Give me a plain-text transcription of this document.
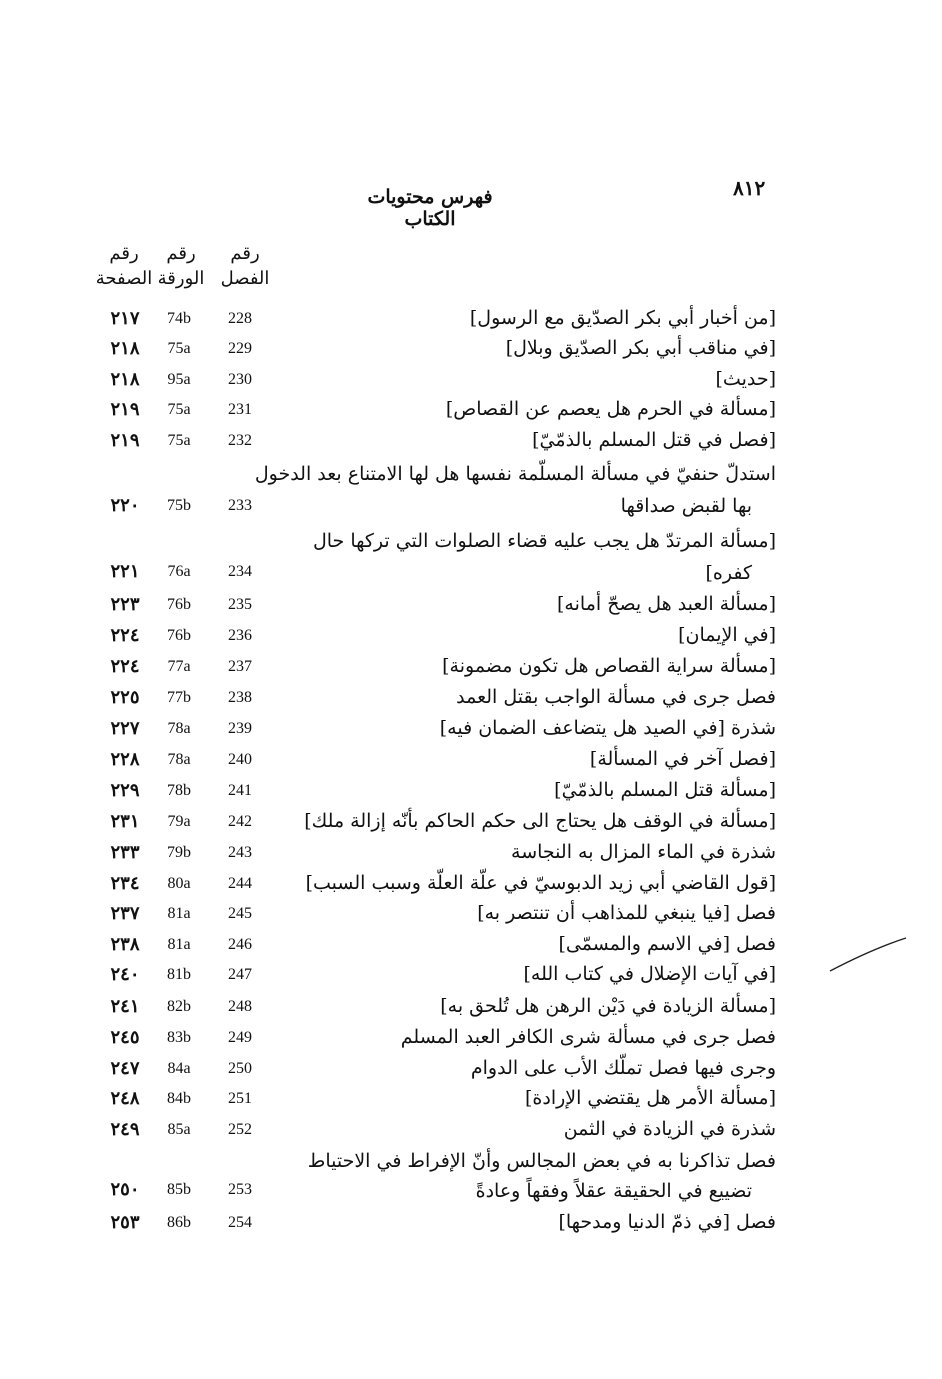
٨١٢
فهرس محتويات الكتاب
رقم
الصفحة
رقم
الورقة
رقم
الفصل
[من أخبار أبي بكر الصدّيق مع الرسول]
228
74b
٢١٧
[في مناقب أبي بكر الصدّيق وبلال]
229
75a
٢١٨
[حديث]
230
95a
٢١٨
[مسألة في الحرم هل يعصم عن القصاص]
231
75a
٢١٩
[فصل في قتل المسلم بالذمّيّ]
232
75a
٢١٩
استدلّ حنفيّ في مسألة المسلّمة نفسها هل لها الامتناع بعد الدخول
بها لقبض صداقها
233
75b
٢٢٠
[مسألة المرتدّ هل يجب عليه قضاء الصلوات التي تركها حال
كفره]
234
76a
٢٢١
[مسألة العبد هل يصحّ أمانه]
235
76b
٢٢٣
[في الإيمان]
236
76b
٢٢٤
[مسألة سراية القصاص هل تكون مضمونة]
237
77a
٢٢٤
فصل جرى في مسألة الواجب بقتل العمد
238
77b
٢٢٥
شذرة [في الصيد هل يتضاعف الضمان فيه]
239
78a
٢٢٧
[فصل آخر في المسألة]
240
78a
٢٢٨
[مسألة قتل المسلم بالذمّيّ]
241
78b
٢٢٩
[مسألة في الوقف هل يحتاج الى حكم الحاكم بأنّه إزالة ملك]
242
79a
٢٣١
شذرة في الماء المزال به النجاسة
243
79b
٢٣٣
[قول القاضي أبي زيد الدبوسيّ في علّة العلّة وسبب السبب]
244
80a
٢٣٤
فصل [فيا ينبغي للمذاهب أن تنتصر به]
245
81a
٢٣٧
فصل [في الاسم والمسمّى]
246
81a
٢٣٨
[في آيات الإضلال في كتاب الله]
247
81b
٢٤٠
[مسألة الزيادة في دَيْن الرهن هل تُلحق به]
248
82b
٢٤١
فصل جرى في مسألة شرى الكافر العبد المسلم
249
83b
٢٤٥
وجرى فيها فصل تملّك الأب على الدوام
250
84a
٢٤٧
[مسألة الأمر هل يقتضي الإرادة]
251
84b
٢٤٨
شذرة في الزيادة في الثمن
252
85a
٢٤٩
فصل تذاكرنا به في بعض المجالس وأنّ الإفراط في الاحتياط
تضييع في الحقيقة عقلاً وفقهاً وعادةً
253
85b
٢٥٠
فصل [في ذمّ الدنيا ومدحها]
254
86b
٢٥٣
